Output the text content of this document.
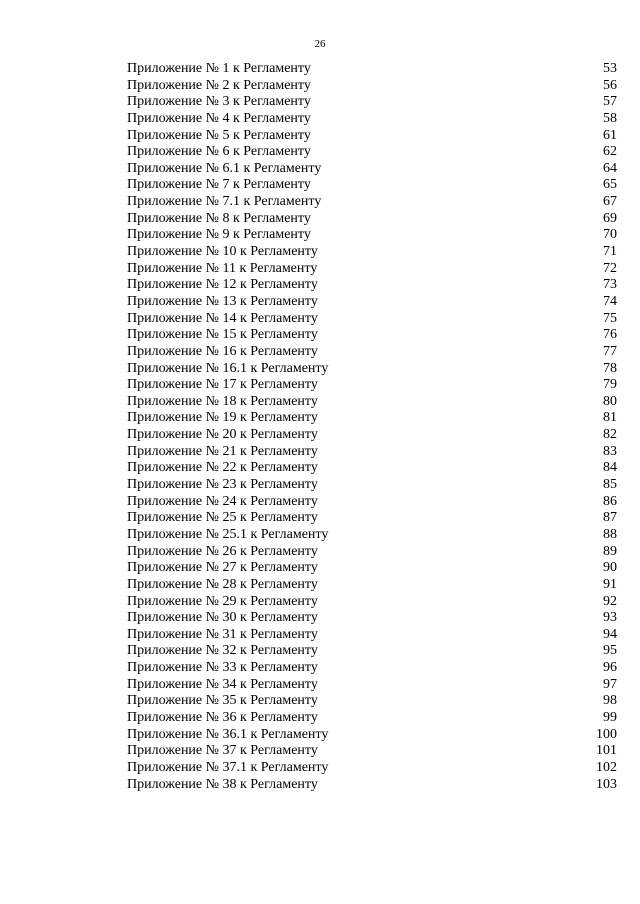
26
Приложение № 1 к Регламенту	53
Приложение № 2 к Регламенту	56
Приложение № 3 к Регламенту	57
Приложение № 4 к Регламенту	58
Приложение № 5 к Регламенту	61
Приложение № 6 к Регламенту	62
Приложение № 6.1 к Регламенту	64
Приложение № 7 к Регламенту	65
Приложение № 7.1 к Регламенту	67
Приложение № 8 к Регламенту	69
Приложение № 9 к Регламенту	70
Приложение № 10 к Регламенту	71
Приложение № 11 к Регламенту	72
Приложение № 12 к Регламенту	73
Приложение № 13 к Регламенту	74
Приложение № 14 к Регламенту	75
Приложение № 15 к Регламенту	76
Приложение № 16 к Регламенту	77
Приложение № 16.1 к Регламенту	78
Приложение № 17 к Регламенту	79
Приложение № 18 к Регламенту	80
Приложение № 19 к Регламенту	81
Приложение № 20 к Регламенту	82
Приложение № 21 к Регламенту	83
Приложение № 22 к Регламенту	84
Приложение № 23 к Регламенту	85
Приложение № 24 к Регламенту	86
Приложение № 25 к Регламенту	87
Приложение № 25.1 к Регламенту	88
Приложение № 26 к Регламенту	89
Приложение № 27 к Регламенту	90
Приложение № 28 к Регламенту	91
Приложение № 29 к Регламенту	92
Приложение № 30 к Регламенту	93
Приложение № 31 к Регламенту	94
Приложение № 32 к Регламенту	95
Приложение № 33 к Регламенту	96
Приложение № 34 к Регламенту	97
Приложение № 35 к Регламенту	98
Приложение № 36 к Регламенту	99
Приложение № 36.1 к Регламенту	100
Приложение № 37 к Регламенту	101
Приложение № 37.1 к Регламенту	102
Приложение № 38 к Регламенту	103
